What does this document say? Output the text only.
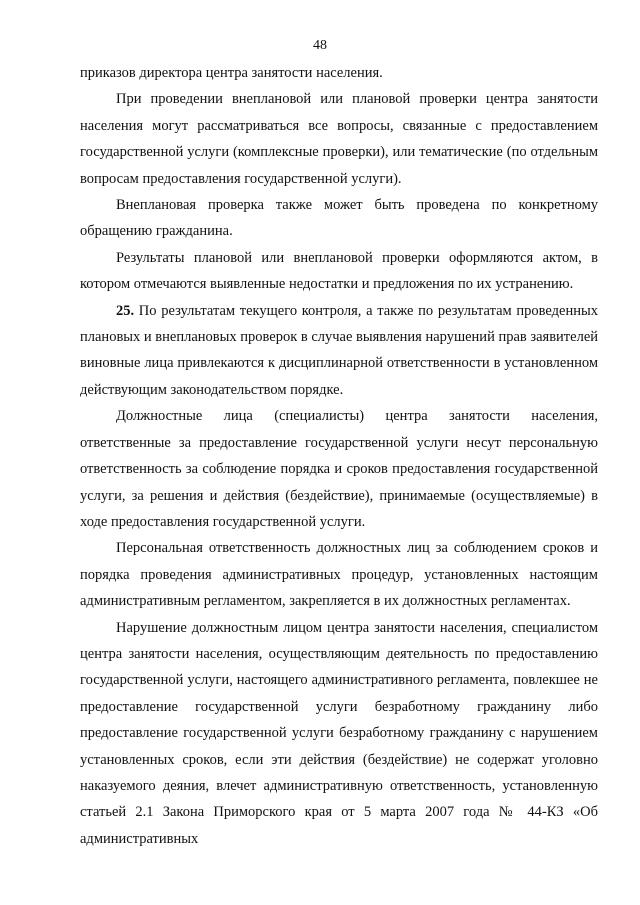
48

приказов директора центра занятости населения.

При проведении внеплановой или плановой проверки центра занятости населения могут рассматриваться все вопросы, связанные с предоставлением государственной услуги (комплексные проверки), или тематические (по отдельным вопросам предоставления государственной услуги).

Внеплановая проверка также может быть проведена по конкретному обращению гражданина.

Результаты плановой или внеплановой проверки оформляются актом, в котором отмечаются выявленные недостатки и предложения по их устранению.

25. По результатам текущего контроля, а также по результатам проведенных плановых и внеплановых проверок в случае выявления нарушений прав заявителей виновные лица привлекаются к дисциплинарной ответственности в установленном действующим законодательством порядке.

Должностные лица (специалисты) центра занятости населения, ответственные за предоставление государственной услуги несут персональную ответственность за соблюдение порядка и сроков предоставления государственной услуги, за решения и действия (бездействие), принимаемые (осуществляемые) в ходе предоставления государственной услуги.

Персональная ответственность должностных лиц за соблюдением сроков и порядка проведения административных процедур, установленных настоящим административным регламентом, закрепляется в их должностных регламентах.

Нарушение должностным лицом центра занятости населения, специалистом центра занятости населения, осуществляющим деятельность по предоставлению государственной услуги, настоящего административного регламента, повлекшее не предоставление государственной услуги безработному гражданину либо предоставление государственной услуги безработному гражданину с нарушением установленных сроков, если эти действия (бездействие) не содержат уголовно наказуемого деяния, влечет административную ответственность, установленную статьей 2.1 Закона Приморского края от 5 марта 2007 года № 44-КЗ «Об административных
